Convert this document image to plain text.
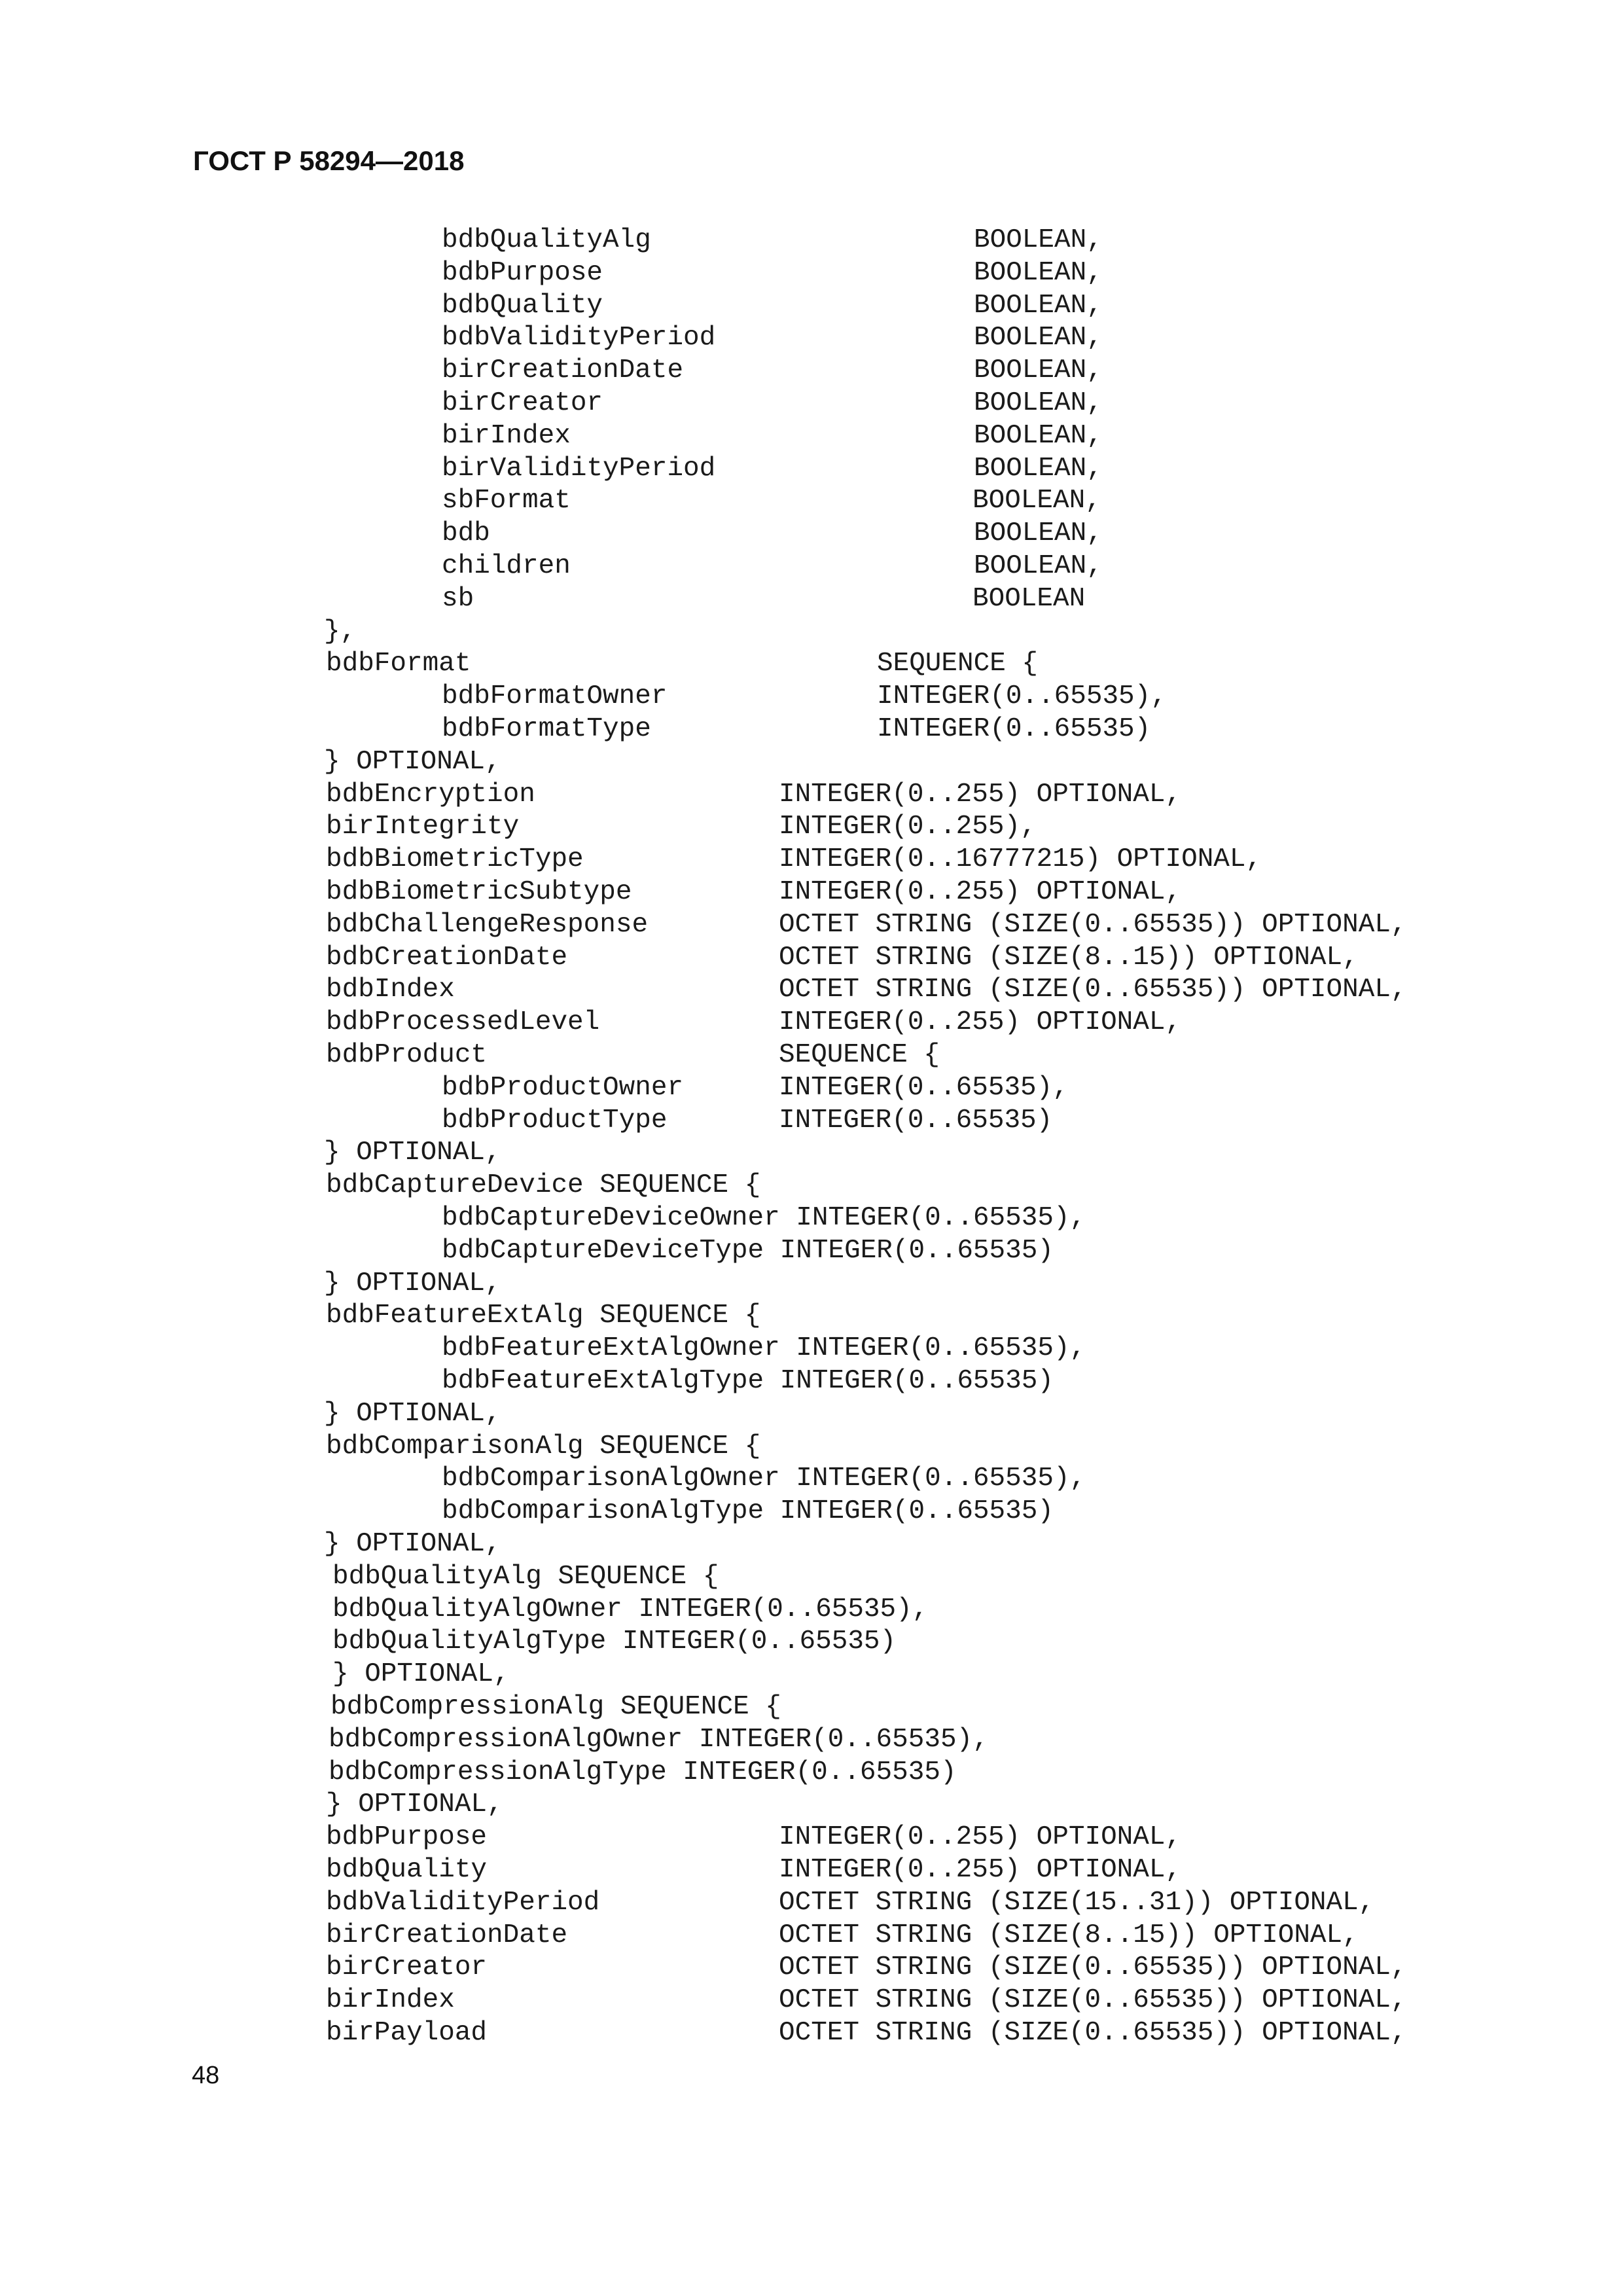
ГОСТ Р 58294—2018
bdbQualityAlg	BOOLEAN,
bdbPurpose	BOOLEAN,
bdbQuality	BOOLEAN,
bdbValidityPeriod	BOOLEAN,
birCreationDate	BOOLEAN,
birCreator	BOOLEAN,
birIndex	BOOLEAN,
birValidityPeriod	BOOLEAN,
sbFormat	BOOLEAN,
bdb	BOOLEAN,
children	BOOLEAN,
sb	BOOLEAN
},
bdbFormat	SEQUENCE {
bdbFormatOwner	INTEGER(0..65535),
bdbFormatType	INTEGER(0..65535)
} OPTIONAL,
bdbEncryption	INTEGER(0..255) OPTIONAL,
birIntegrity	INTEGER(0..255),
bdbBiometricType	INTEGER(0..16777215) OPTIONAL,
bdbBiometricSubtype	INTEGER(0..255) OPTIONAL,
bdbChallengeResponse	OCTET STRING (SIZE(0..65535)) OPTIONAL,
bdbCreationDate	OCTET STRING (SIZE(8..15)) OPTIONAL,
bdbIndex	OCTET STRING (SIZE(0..65535)) OPTIONAL,
bdbProcessedLevel	INTEGER(0..255) OPTIONAL,
bdbProduct	SEQUENCE {
bdbProductOwner	INTEGER(0..65535),
bdbProductType	INTEGER(0..65535)
} OPTIONAL,
bdbCaptureDevice SEQUENCE {
bdbCaptureDeviceOwner INTEGER(0..65535),
bdbCaptureDeviceType INTEGER(0..65535)
} OPTIONAL,
bdbFeatureExtAlg SEQUENCE {
bdbFeatureExtAlgOwner INTEGER(0..65535),
bdbFeatureExtAlgType INTEGER(0..65535)
} OPTIONAL,
bdbComparisonAlg SEQUENCE {
bdbComparisonAlgOwner INTEGER(0..65535),
bdbComparisonAlgType INTEGER(0..65535)
} OPTIONAL,
bdbQualityAlg SEQUENCE {
bdbQualityAlgOwner INTEGER(0..65535),
bdbQualityAlgType INTEGER(0..65535)
} OPTIONAL,
bdbCompressionAlg SEQUENCE {
bdbCompressionAlgOwner INTEGER(0..65535),
bdbCompressionAlgType INTEGER(0..65535)
} OPTIONAL,
bdbPurpose	INTEGER(0..255) OPTIONAL,
bdbQuality	INTEGER(0..255) OPTIONAL,
bdbValidityPeriod	OCTET STRING (SIZE(15..31)) OPTIONAL,
birCreationDate	OCTET STRING (SIZE(8..15)) OPTIONAL,
birCreator	OCTET STRING (SIZE(0..65535)) OPTIONAL,
birIndex	OCTET STRING (SIZE(0..65535)) OPTIONAL,
birPayload	OCTET STRING (SIZE(0..65535)) OPTIONAL,
48
